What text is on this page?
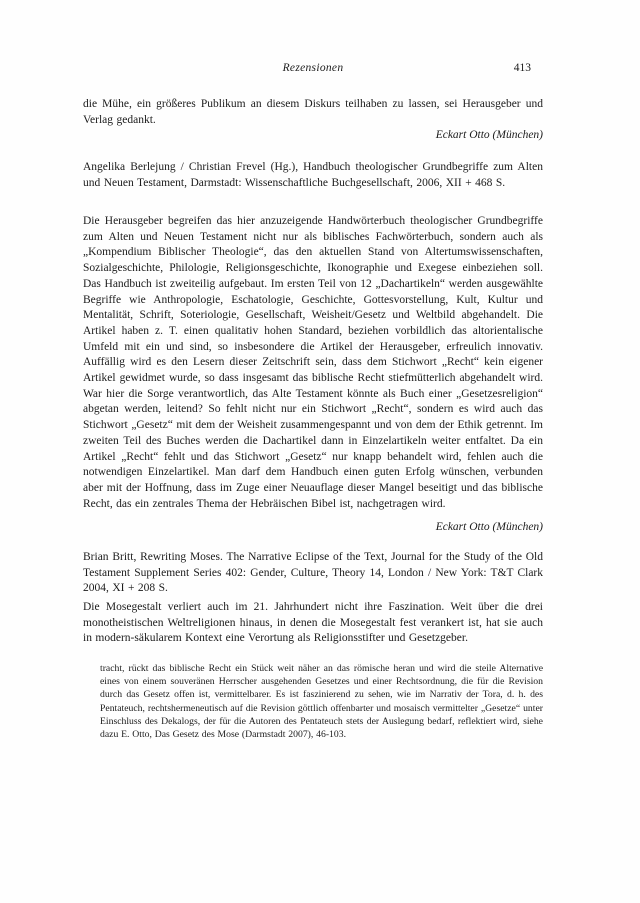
Rezensionen	413
die Mühe, ein größeres Publikum an diesem Diskurs teilhaben zu lassen, sei Herausgeber und Verlag gedankt.
Eckart Otto (München)
Angelika Berlejung / Christian Frevel (Hg.), Handbuch theologischer Grundbegriffe zum Alten und Neuen Testament, Darmstadt: Wissenschaftliche Buchgesellschaft, 2006, XII + 468 S.
Die Herausgeber begreifen das hier anzuzeigende Handwörterbuch theologischer Grundbegriffe zum Alten und Neuen Testament nicht nur als biblisches Fachwörterbuch, sondern auch als „Kompendium Biblischer Theologie“, das den aktuellen Stand von Altertumswissenschaften, Sozialgeschichte, Philologie, Religionsgeschichte, Ikonographie und Exegese einbeziehen soll. Das Handbuch ist zweiteilig aufgebaut. Im ersten Teil von 12 „Dachartikeln“ werden ausgewählte Begriffe wie Anthropologie, Eschatologie, Geschichte, Gottesvorstellung, Kult, Kultur und Mentalität, Schrift, Soteriologie, Gesellschaft, Weisheit/Gesetz und Weltbild abgehandelt. Die Artikel haben z. T. einen qualitativ hohen Standard, beziehen vorbildlich das altorientalische Umfeld mit ein und sind, so insbesondere die Artikel der Herausgeber, erfreulich innovativ. Auffällig wird es den Lesern dieser Zeitschrift sein, dass dem Stichwort „Recht“ kein eigener Artikel gewidmet wurde, so dass insgesamt das biblische Recht stiefmütterlich abgehandelt wird. War hier die Sorge verantwortlich, das Alte Testament könnte als Buch einer „Gesetzesreligion“ abgetan werden, leitend? So fehlt nicht nur ein Stichwort „Recht“, sondern es wird auch das Stichwort „Gesetz“ mit dem der Weisheit zusammengespannt und von dem der Ethik getrennt. Im zweiten Teil des Buches werden die Dachartikel dann in Einzelartikeln weiter entfaltet. Da ein Artikel „Recht“ fehlt und das Stichwort „Gesetz“ nur knapp behandelt wird, fehlen auch die notwendigen Einzelartikel. Man darf dem Handbuch einen guten Erfolg wünschen, verbunden aber mit der Hoffnung, dass im Zuge einer Neuauflage dieser Mangel beseitigt und das biblische Recht, das ein zentrales Thema der Hebräischen Bibel ist, nachgetragen wird.
Eckart Otto (München)
Brian Britt, Rewriting Moses. The Narrative Eclipse of the Text, Journal for the Study of the Old Testament Supplement Series 402: Gender, Culture, Theory 14, London / New York: T&T Clark 2004, XI + 208 S.
Die Mosegestalt verliert auch im 21. Jahrhundert nicht ihre Faszination. Weit über die drei monotheistischen Weltreligionen hinaus, in denen die Mosegestalt fest verankert ist, hat sie auch in modern-säkularem Kontext eine Verortung als Religionsstifter und Gesetzgeber.
tracht, rückt das biblische Recht ein Stück weit näher an das römische heran und wird die steile Alternative eines von einem souveränen Herrscher ausgehenden Gesetzes und einer Rechtsordnung, die für die Revision durch das Gesetz offen ist, vermittelbarer. Es ist faszinierend zu sehen, wie im Narrativ der Tora, d. h. des Pentateuch, rechtshermeneutisch auf die Revision göttlich offenbarter und mosaisch vermittelter „Gesetze“ unter Einschluss des Dekalogs, der für die Autoren des Pentateuch stets der Auslegung bedarf, reflektiert wird, siehe dazu E. Otto, Das Gesetz des Mose (Darmstadt 2007), 46-103.
